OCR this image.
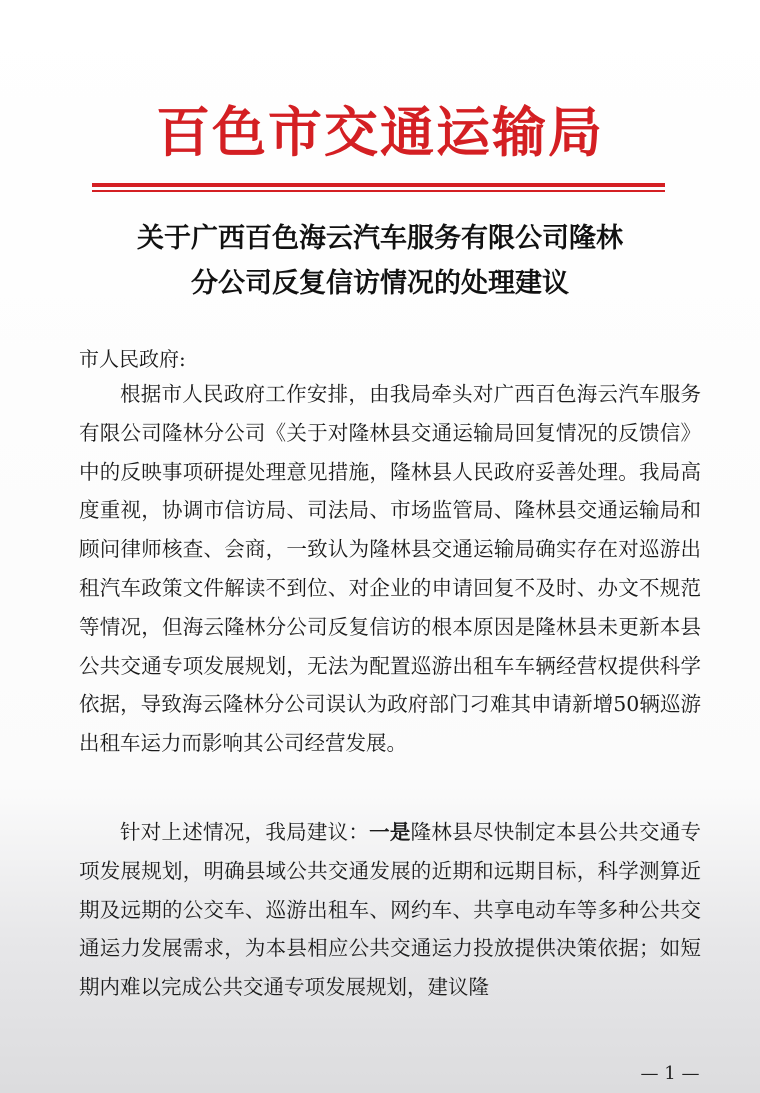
百色市交通运输局
关于广西百色海云汽车服务有限公司隆林
分公司反复信访情况的处理建议
市人民政府:

根据市人民政府工作安排，由我局牵头对广西百色海云汽车服务有限公司隆林分公司《关于对隆林县交通运输局回复情况的反馈信》中的反映事项研提处理意见措施，隆林县人民政府妥善处理。我局高度重视，协调市信访局、司法局、市场监管局、隆林县交通运输局和顾问律师核查、会商，一致认为隆林县交通运输局确实存在对巡游出租汽车政策文件解读不到位、对企业的申请回复不及时、办文不规范等情况，但海云隆林分公司反复信访的根本原因是隆林县未更新本县公共交通专项发展规划，无法为配置巡游出租车车辆经营权提供科学依据，导致海云隆林分公司误认为政府部门刁难其申请新增50辆巡游出租车运力而影响其公司经营发展。

针对上述情况，我局建议：一是隆林县尽快制定本县公共交通专项发展规划，明确县域公共交通发展的近期和远期目标，科学测算近期及远期的公交车、巡游出租车、网约车、共享电动车等多种公共交通运力发展需求，为本县相应公共交通运力投放提供决策依据；如短期内难以完成公共交通专项发展规划，建议隆

— 1 —
